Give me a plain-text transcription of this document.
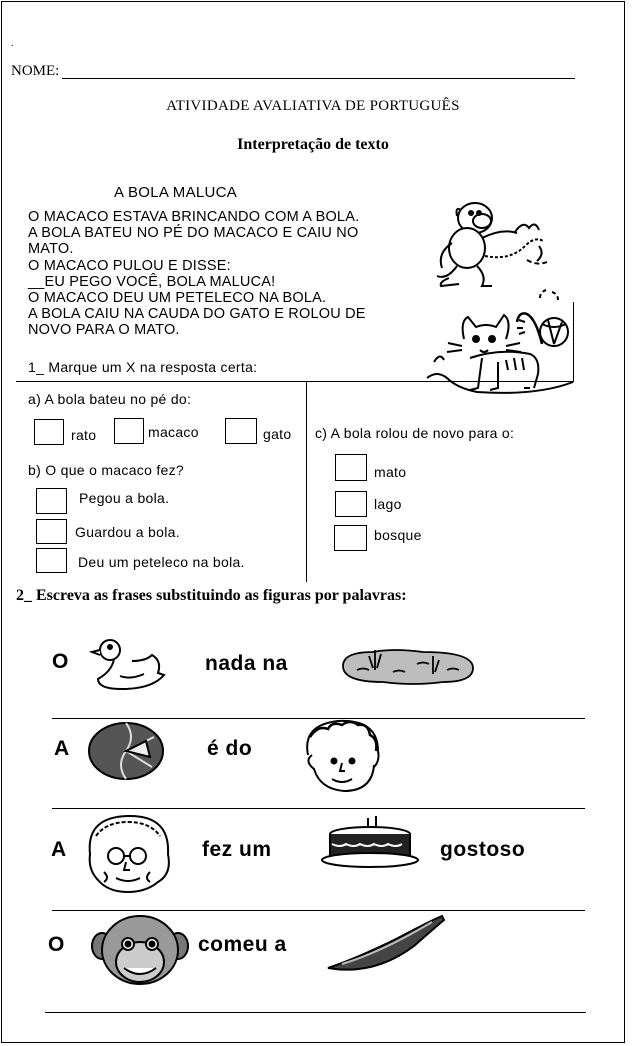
.
NOME:
ATIVIDADE AVALIATIVA DE PORTUGUÊS
Interpretação de texto
A BOLA MALUCA
O MACACO ESTAVA BRINCANDO COM A BOLA.
A BOLA BATEU NO PÉ DO MACACO E CAIU NO
MATO.
O MACACO PULOU E DISSE:
__EU PEGO VOCÊ, BOLA MALUCA!
O MACACO DEU UM PETELECO NA BOLA.
A BOLA CAIU NA CAUDA DO GATO E ROLOU DE
NOVO PARA O MATO.
1_ Marque um X na resposta certa:
a) A bola bateu no pé do:
rato	macaco	gato
b) O que o macaco fez?
Pegou a bola.
Guardou a bola.
Deu um peteleco na bola.
c) A bola rolou de novo para o:
mato
lago
bosque
2_ Escreva as frases substituindo as figuras por palavras:
O	nada na
A	é do
A	fez um	gostoso
O	comeu a
